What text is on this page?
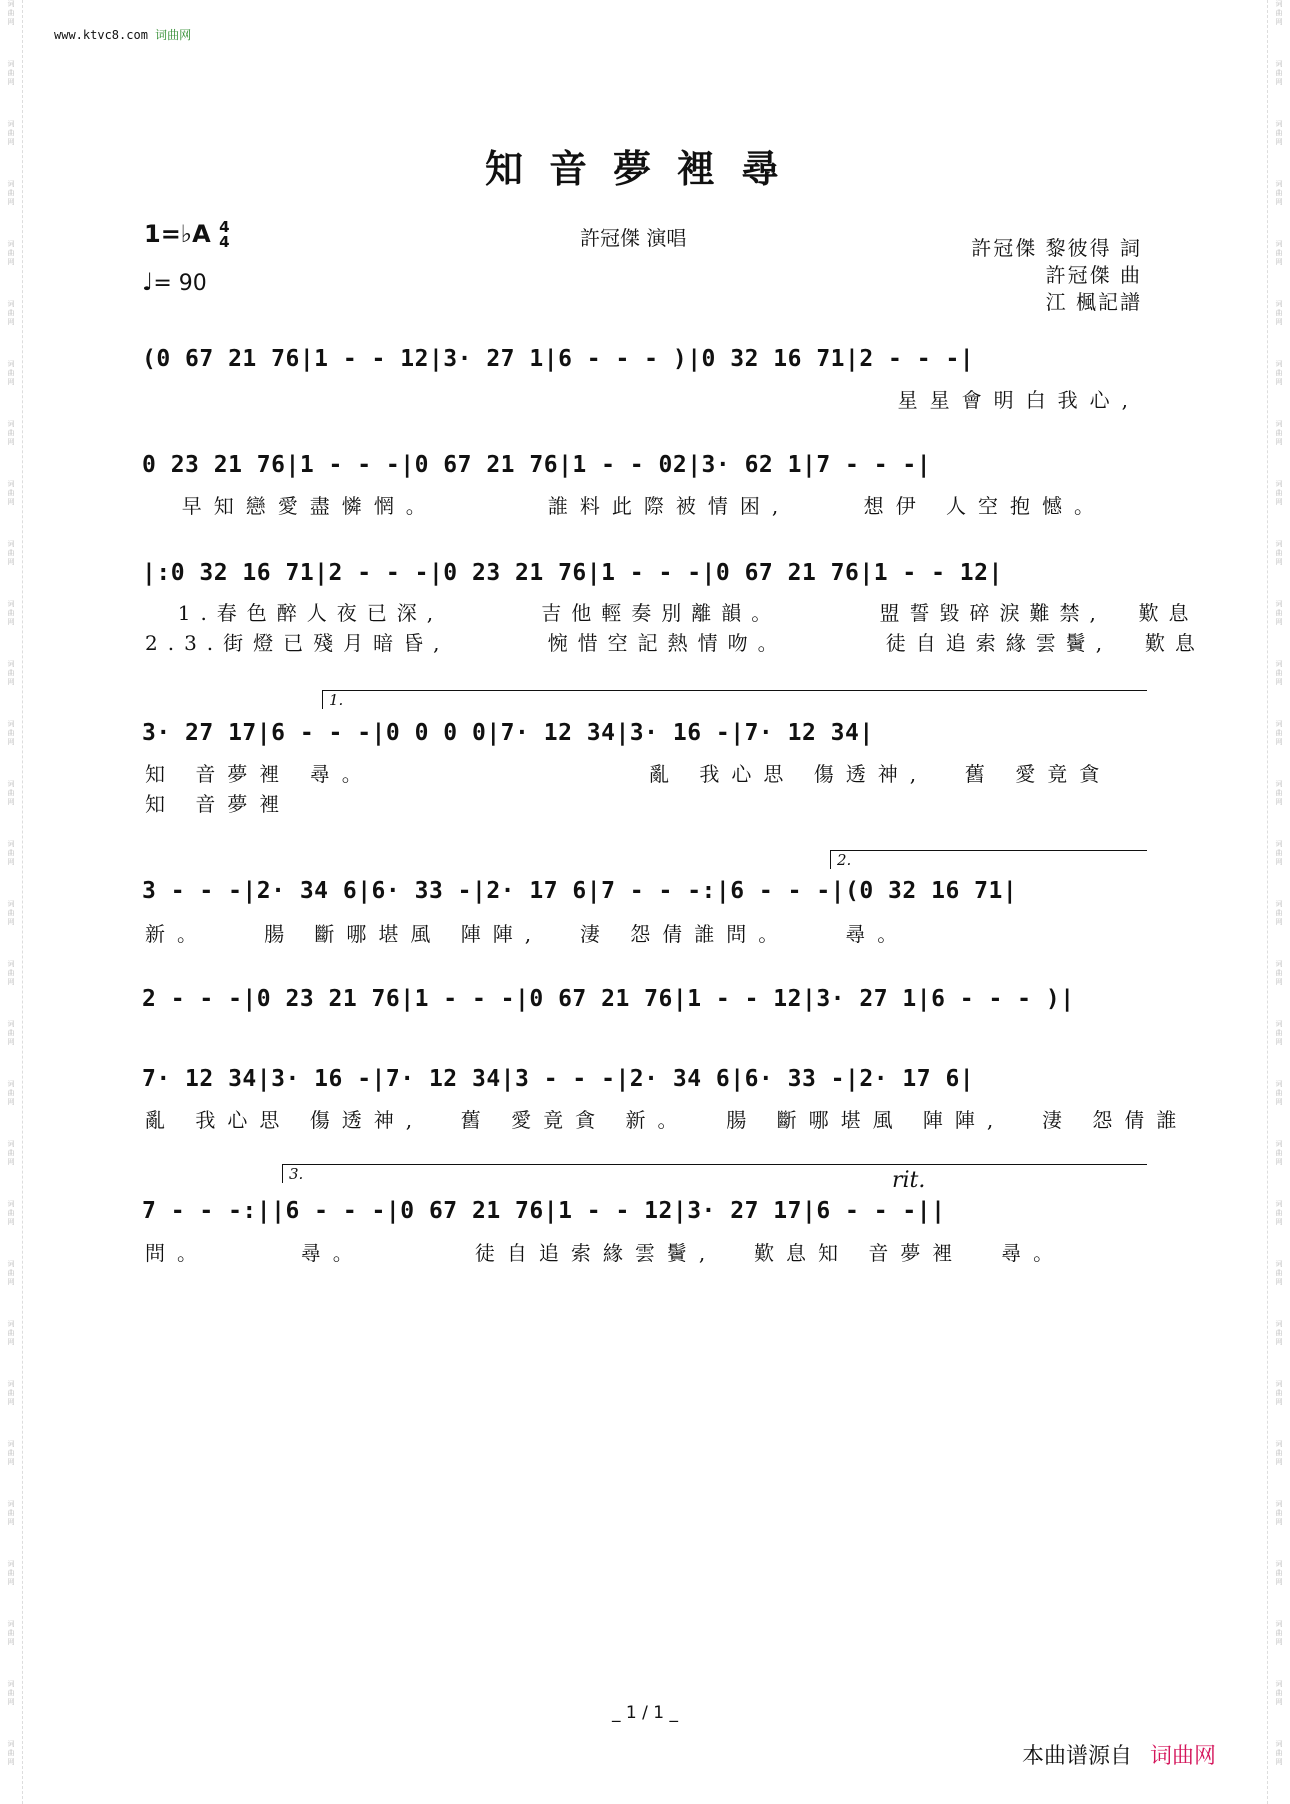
词
曲
网
词
曲
网
词
曲
网
词
曲
网
词
曲
网
词
曲
网
词
曲
网
词
曲
网
词
曲
网
词
曲
网
词
曲
网
词
曲
网
词
曲
网
词
曲
网
词
曲
网
词
曲
网
词
曲
网
词
曲
网
词
曲
网
词
曲
网
词
曲
网
词
曲
网
词
曲
网
词
曲
网
词
曲
网
词
曲
网
词
曲
网
词
曲
网
词
曲
网
词
曲
网
词
曲
网
词
曲
网
词
曲
网
词
曲
网
词
曲
网
词
曲
网
词
曲
网
词
曲
网
词
曲
网
词
曲
网
词
曲
网
词
曲
网
词
曲
网
词
曲
网
词
曲
网
词
曲
网
词
曲
网
词
曲
网
词
曲
网
词
曲
网
词
曲
网
词
曲
网
词
曲
网
词
曲
网
词
曲
网
词
曲
网
词
曲
网
词
曲
网
词
曲
网
词
曲
网
www.ktvc8.com 词曲网
知音夢裡尋
1=♭A 4
4
♩= 90
許冠傑 演唱	許冠傑 黎彼得 詞
許冠傑 曲
江 楓記譜
(0 67 21 76|1 - - 12|3· 27 1|6 - - - )|0 32 16 71|2 - - -|
星星會明白我心,
0 23 21 76|1 - - -|0 67 21 76|1 - - 02|3· 62 1|7 - - -|
早知戀愛盡憐惘。      誰料此際被情困,    想伊 人空抱憾。
|:0 32 16 71|2 - - -|0 23 21 76|1 - - -|0 67 21 76|1 - - 12|
1.春色醉人夜已深,      吉他輕奏別離韻。      盟誓毀碎淚難禁,  歎息
2.3.街燈已殘月暗昏,      惋惜空記熱情吻。      徒自追索緣雲鬢,  歎息
1.
3· 27 17|6 - - -|0 0 0 0|7· 12 34|3· 16 -|7· 12 34|
知 音夢裡 尋。               亂 我心思 傷透神,  舊 愛竟貪
知 音夢裡
2.
3 - - -|2· 34 6|6· 33 -|2· 17 6|7 - - -:|6 - - -|(0 32 16 71|
新。   腸 斷哪堪風 陣陣,  淒 怨倩誰問。   尋。
2 - - -|0 23 21 76|1 - - -|0 67 21 76|1 - - 12|3· 27 1|6 - - - )|
7· 12 34|3· 16 -|7· 12 34|3 - - -|2· 34 6|6· 33 -|2· 17 6|
亂 我心思 傷透神,  舊 愛竟貪 新。  腸 斷哪堪風 陣陣,  淒 怨倩誰
3.	rit.
7 - - -:||6 - - -|0 67 21 76|1 - - 12|3· 27 17|6 - - -||
問。     尋。      徒自追索緣雲鬢,  歎息知 音夢裡  尋。
_ 1 / 1 _
本曲谱源自 词曲网
